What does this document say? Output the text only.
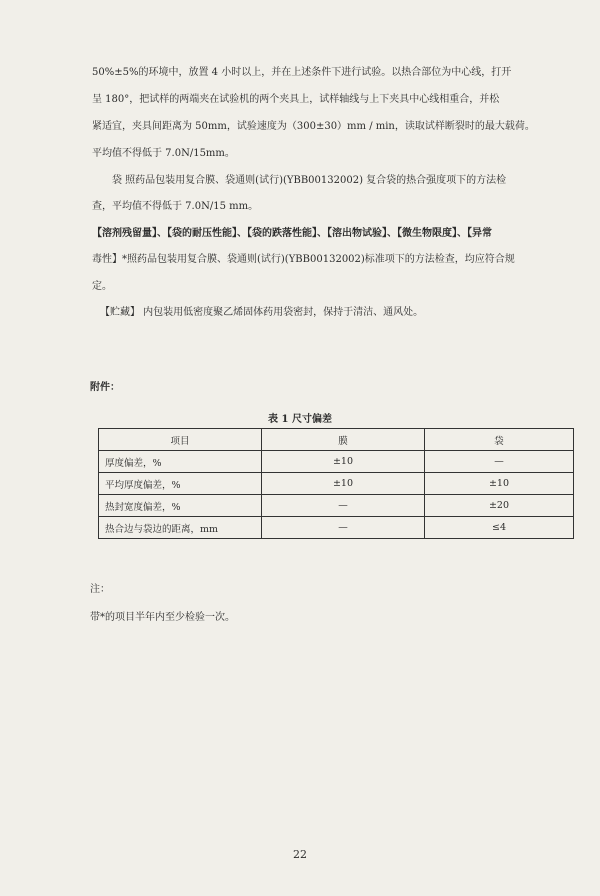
50%±5%的环境中，放置 4 小时以上，并在上述条件下进行试验。以热合部位为中心线，打开
呈 180°，把试样的两端夹在试验机的两个夹具上，试样轴线与上下夹具中心线相重合，并松
紧适宜，夹具间距离为 50mm，试验速度为（300±30）mm / min，读取试样断裂时的最大载荷。
平均值不得低于 7.0N/15mm。
袋 照药品包装用复合膜、袋通则(试行)(YBB00132002) 复合袋的热合强度项下的方法检
查，平均值不得低于 7.0N/15 mm。
【溶剂残留量】、【袋的耐压性能】、【袋的跌落性能】、【溶出物试验】、【微生物限度】、【异常
毒性】*照药品包装用复合膜、袋通则(试行)(YBB00132002)标准项下的方法检查，均应符合规
定。
【贮藏】 内包装用低密度聚乙烯固体药用袋密封，保持于清洁、通风处。
附件：
表 1 尺寸偏差
项目	膜	袋
厚度偏差，%	±10	—
平均厚度偏差，%	±10	±10
热封宽度偏差，%	—	±20
热合边与袋边的距离，mm	—	≤4
注：
带*的项目半年内至少检验一次。
22
